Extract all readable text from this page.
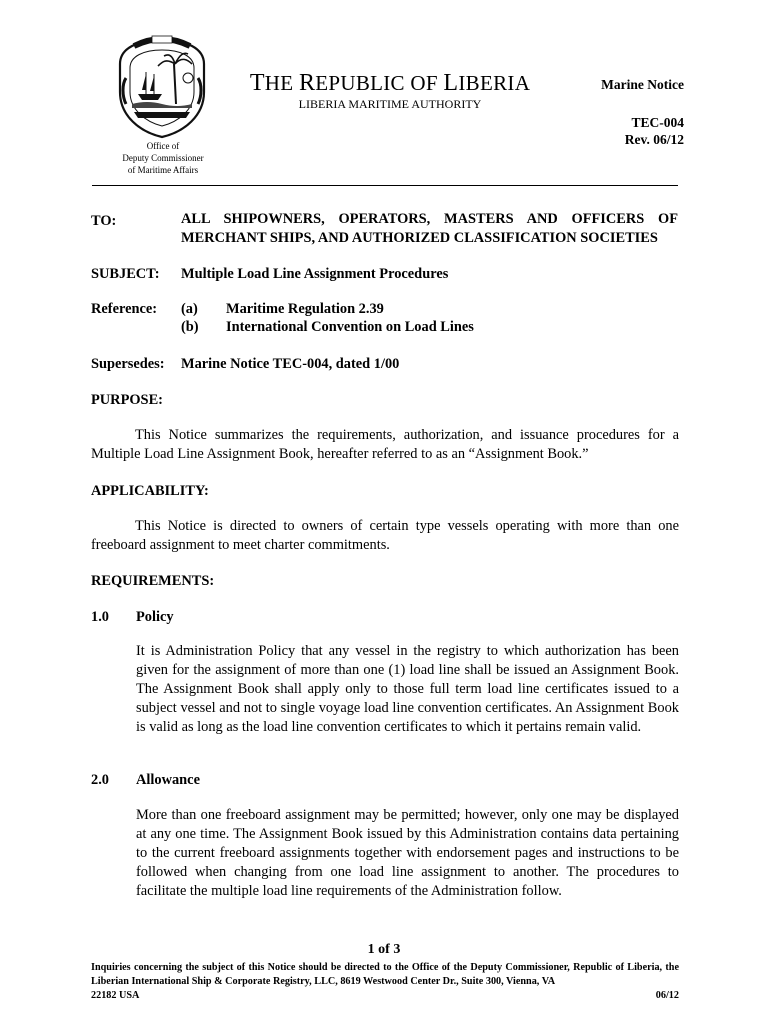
Office of
Deputy Commissioner
of Maritime Affairs
THE REPUBLIC OF LIBERIA
LIBERIA MARITIME AUTHORITY
Marine Notice
TEC-004
Rev. 06/12
TO:	ALL SHIPOWNERS, OPERATORS, MASTERS AND OFFICERS OF MERCHANT SHIPS, AND AUTHORIZED CLASSIFICATION SOCIETIES
SUBJECT: Multiple Load Line Assignment Procedures
Reference: (a) Maritime Regulation 2.39
(b) International Convention on Load Lines
Supersedes: Marine Notice TEC-004, dated 1/00
PURPOSE:
This Notice summarizes the requirements, authorization, and issuance procedures for a Multiple Load Line Assignment Book, hereafter referred to as an “Assignment Book.”
APPLICABILITY:
This Notice is directed to owners of certain type vessels operating with more than one freeboard assignment to meet charter commitments.
REQUIREMENTS:
1.0 Policy
It is Administration Policy that any vessel in the registry to which authorization has been given for the assignment of more than one (1) load line shall be issued an Assignment Book. The Assignment Book shall apply only to those full term load line certificates issued to a subject vessel and not to single voyage load line convention certificates. An Assignment Book is valid as long as the load line convention certificates to which it pertains remain valid.
2.0 Allowance
More than one freeboard assignment may be permitted; however, only one may be displayed at any one time. The Assignment Book issued by this Administration contains data pertaining to the current freeboard assignments together with endorsement pages and instructions to be followed when changing from one load line assignment to another. The procedures to facilitate the multiple load line requirements of the Administration follow.
1 of 3
Inquiries concerning the subject of this Notice should be directed to the Office of the Deputy Commissioner, Republic of Liberia, the Liberian International Ship & Corporate Registry, LLC, 8619 Westwood Center Dr., Suite 300, Vienna, VA
22182 USA	06/12
